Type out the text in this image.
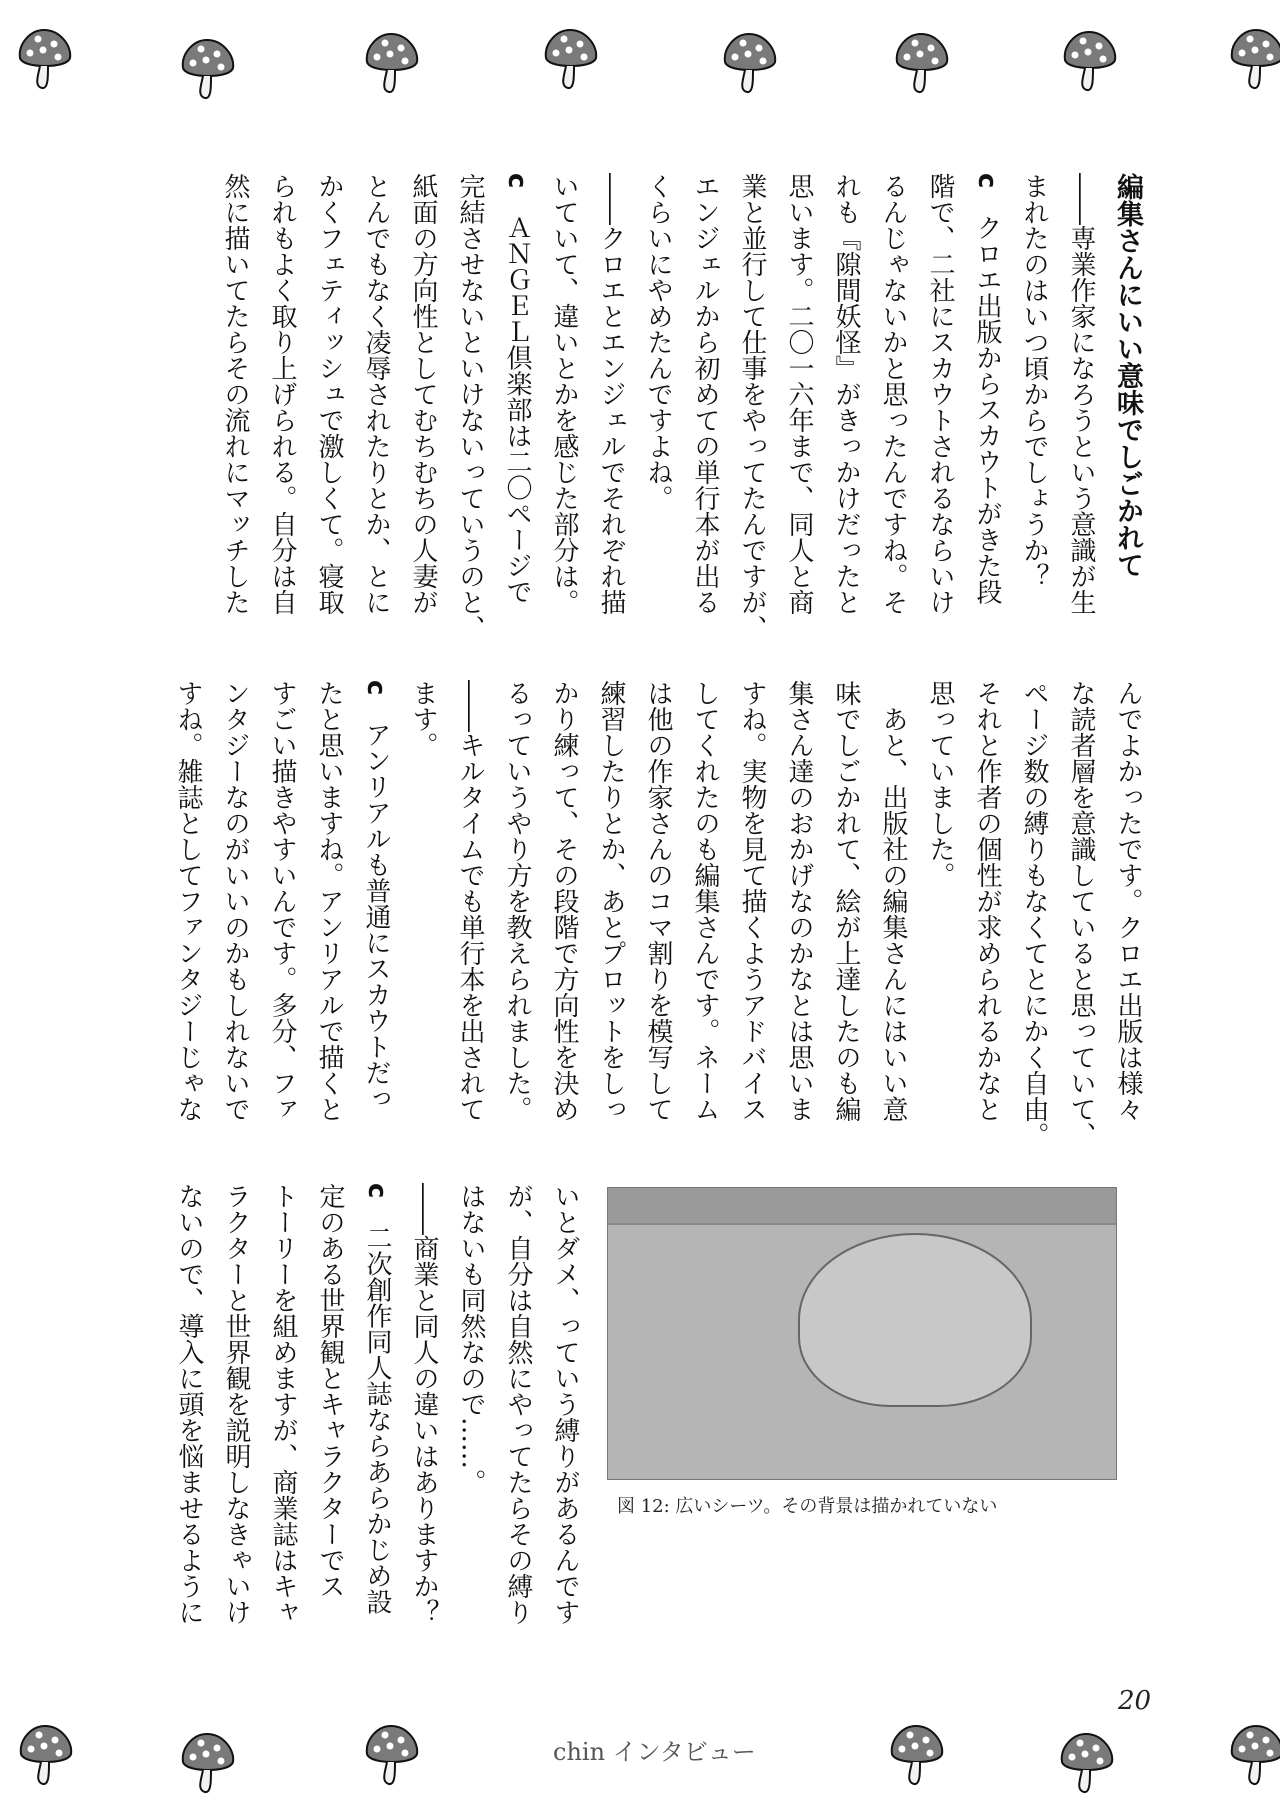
編集さんにいい意味でしごかれて
――専業作家になろうという意識が生
まれたのはいつ頃からでしょうか？
c　クロエ出版からスカウトがきた段
階で、二社にスカウトされるならいけ
るんじゃないかと思ったんですね。そ
れも『隙間妖怪』がきっかけだったと
思います。二〇一六年まで、同人と商
業と並行して仕事をやってたんですが、
エンジェルから初めての単行本が出る
くらいにやめたんですよね。
――クロエとエンジェルでそれぞれ描
いていて、違いとかを感じた部分は。
c　ＡＮＧＥＬ倶楽部は二〇ページで
完結させないといけないっていうのと、
紙面の方向性としてむちむちの人妻が
とんでもなく凌辱されたりとか、とに
かくフェティッシュで激しくて。寝取
られもよく取り上げられる。自分は自
然に描いてたらその流れにマッチした
んでよかったです。クロエ出版は様々
な読者層を意識していると思っていて、
ページ数の縛りもなくてとにかく自由。
それと作者の個性が求められるかなと
思っていました。
　あと、出版社の編集さんにはいい意
味でしごかれて、絵が上達したのも編
集さん達のおかげなのかなとは思いま
すね。実物を見て描くようアドバイス
してくれたのも編集さんです。ネーム
は他の作家さんのコマ割りを模写して
練習したりとか、あとプロットをしっ
かり練って、その段階で方向性を決め
るっていうやり方を教えられました。
――キルタイムでも単行本を出されて
ます。
c　アンリアルも普通にスカウトだっ
たと思いますね。アンリアルで描くと
すごい描きやすいんです。多分、ファ
ンタジーなのがいいのかもしれないで
すね。雑誌としてファンタジーじゃな
図 12: 広いシーツ。その背景は描かれていない
いとダメ、っていう縛りがあるんです
が、自分は自然にやってたらその縛り
はないも同然なので……。
――商業と同人の違いはありますか？
c　二次創作同人誌ならあらかじめ設
定のある世界観とキャラクターでス
トーリーを組めますが、商業誌はキャ
ラクターと世界観を説明しなきゃいけ
ないので、導入に頭を悩ませるように
20
chin インタビュー
